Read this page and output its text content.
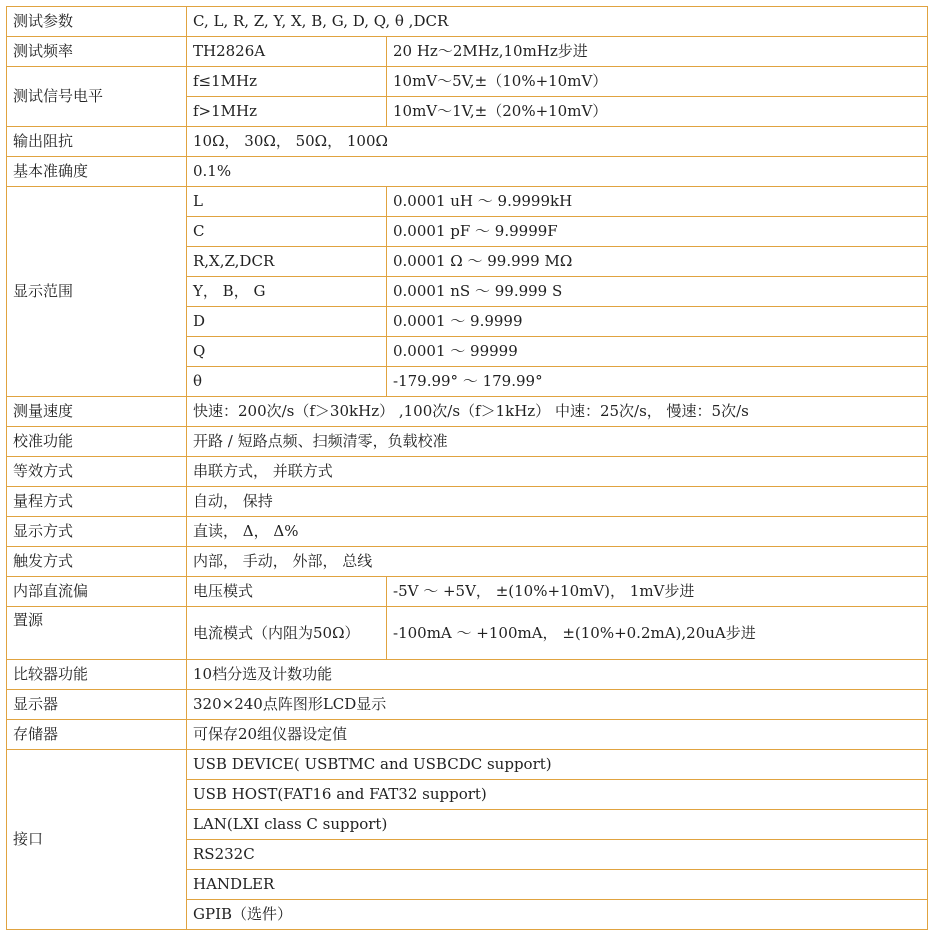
测试参数	C, L, R, Z, Y, X, B, G, D, Q, θ ,DCR	
测试频率	TH2826A	20 Hz～2MHz,10mHz步进
测试信号电平	f≤1MHz	10mV～5V,±（10%+10mV）
	f>1MHz	10mV～1V,±（20%+10mV）
输出阻抗	10Ω， 30Ω， 50Ω， 100Ω	
基本准确度	0.1%	
显示范围	L	0.0001 uH ～ 9.9999kH
	C	0.0001 pF ～ 9.9999F
	R,X,Z,DCR	0.0001 Ω ～ 99.999 MΩ
	Y， B， G	0.0001 nS ～ 99.999 S
	D	0.0001 ～ 9.9999
	Q	0.0001 ～ 99999
	θ	-179.99° ～ 179.99°
测量速度	快速：200次/s（f＞30kHz） ,100次/s（f＞1kHz） 中速：25次/s， 慢速：5次/s	
校准功能	开路 / 短路点频、扫频清零，负载校准	
等效方式	串联方式， 并联方式	
量程方式	自动， 保持	
显示方式	直读， Δ， Δ%	
触发方式	内部， 手动， 外部， 总线	
内部直流偏	电压模式	-5V ～ +5V， ±(10%+10mV)， 1mV步进
置源	电流模式（内阻为50Ω）	-100mA ～ +100mA， ±(10%+0.2mA),20uA步进
比较器功能	10档分选及计数功能	
显示器	320×240点阵图形LCD显示	
存储器	可保存20组仪器设定值	
接口	USB DEVICE( USBTMC and USBCDC support)	
	USB HOST(FAT16 and FAT32 support)	
	LAN(LXI class C support)	
	RS232C	
	HANDLER	
	GPIB（选件）	
